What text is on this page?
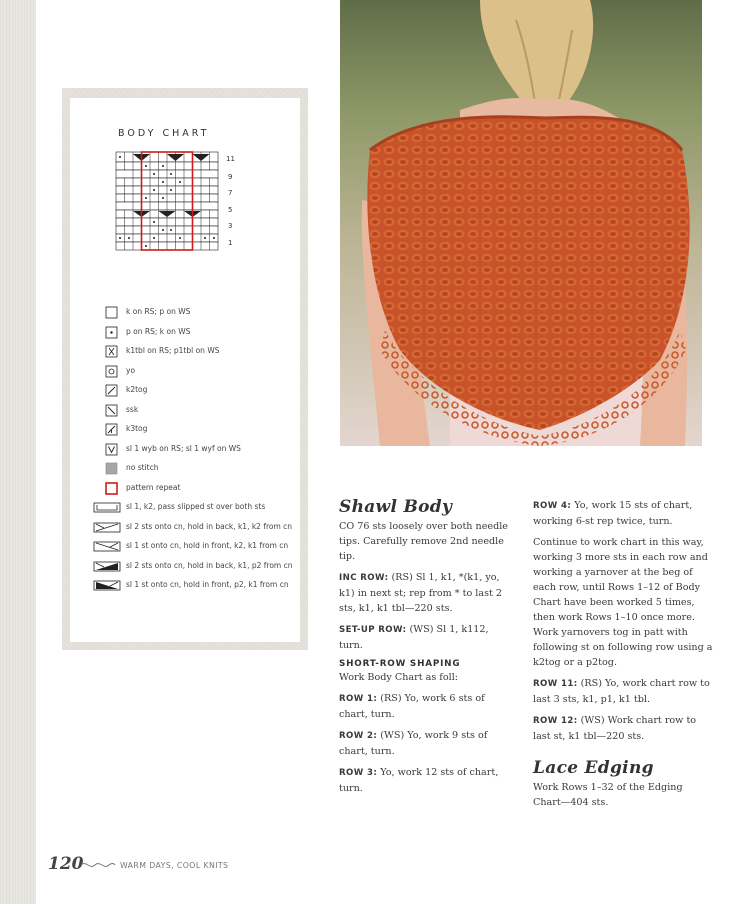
BODY CHART
11
9
7
5
3
1
k on RS; p on WS
p on RS; k on WS
k1tbl on RS; p1tbl on WS
yo
k2tog
ssk
k3tog
sl 1 wyb on RS; sl 1 wyf on WS
no stitch
pattern repeat
sl 1, k2, pass slipped st over both sts
sl 2 sts onto cn, hold in back, k1, k2 from cn
sl 1 st onto cn, hold in front, k2, k1 from cn
sl 2 sts onto cn, hold in back, k1, p2 from cn
sl 1 st onto cn, hold in front, p2, k1 from cn
Shawl Body

CO 76 sts loosely over both needle tips. Carefully remove 2nd needle tip.

INC ROW: (RS) Sl 1, k1, *(k1, yo, k1) in next st; rep from * to last 2 sts, k1, k1 tbl—220 sts.

SET-UP ROW: (WS) Sl 1, k112, turn.

SHORT-ROW SHAPING

Work Body Chart as foll:

ROW 1: (RS) Yo, work 6 sts of chart, turn.

ROW 2: (WS) Yo, work 9 sts of chart, turn.

ROW 3: Yo, work 12 sts of chart, turn.

ROW 4: Yo, work 15 sts of chart, working 6-st rep twice, turn.

Continue to work chart in this way, working 3 more sts in each row and working a yarnover at the beg of each row, until Rows 1–12 of Body Chart have been worked 5 times, then work Rows 1–10 once more. Work yarnovers tog in patt with following st on following row using a k2tog or a p2tog.

ROW 11: (RS) Yo, work chart row to last 3 sts, k1, p1, k1 tbl.

ROW 12: (WS) Work chart row to last st, k1 tbl—220 sts.

Lace Edging

Work Rows 1–32 of the Edging Chart—404 sts.

120	WARM DAYS, COOL KNITS
